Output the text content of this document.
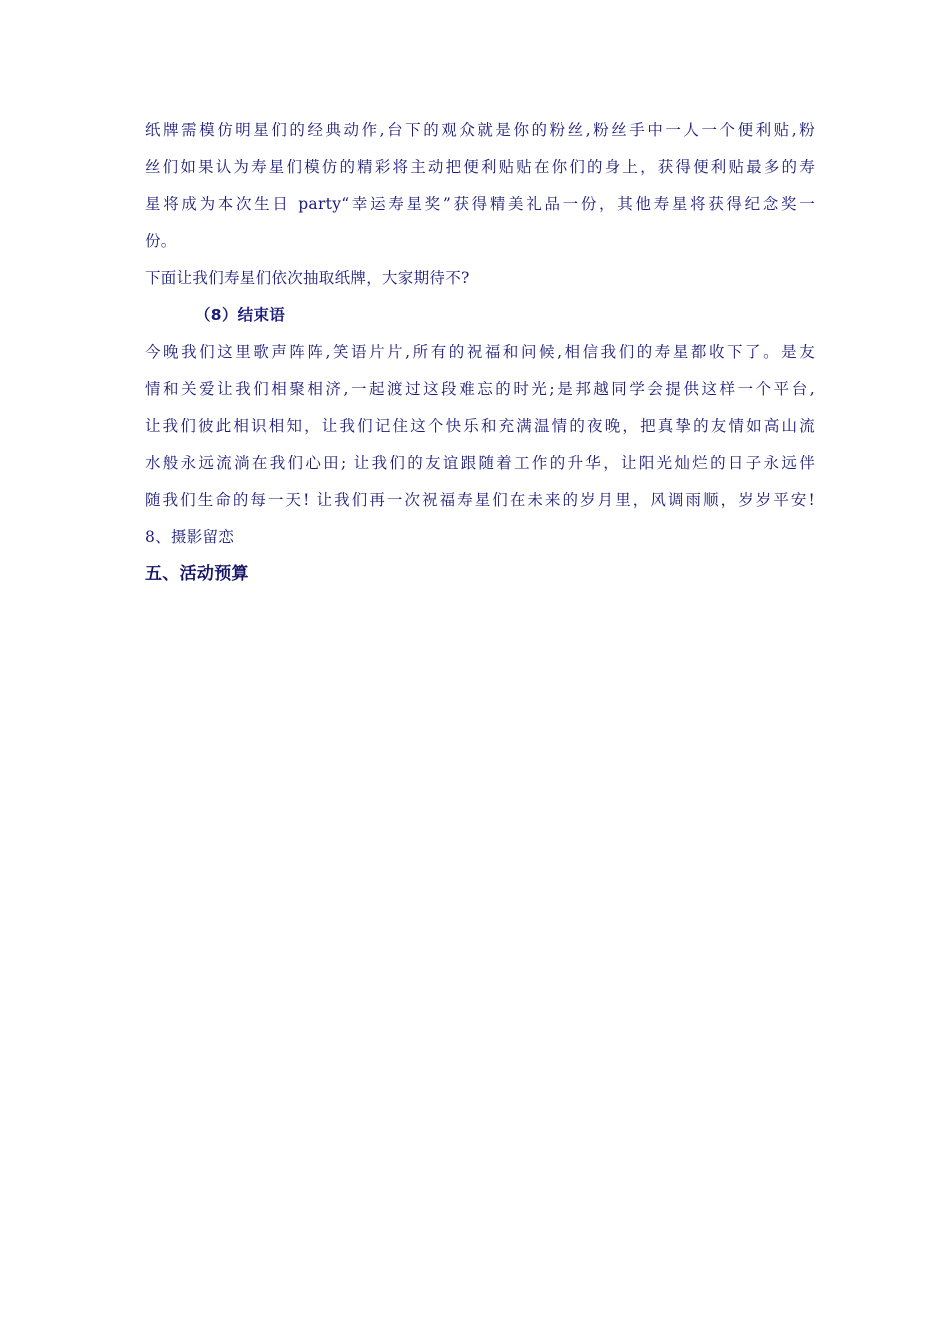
纸牌需模仿明星们的经典动作,台下的观众就是你的粉丝,粉丝手中一人一个便利贴,粉
丝们如果认为寿星们模仿的精彩将主动把便利贴贴在你们的身上，获得便利贴最多的寿
星将成为本次生日 party“幸运寿星奖”获得精美礼品一份，其他寿星将获得纪念奖一
份。
下面让我们寿星们依次抽取纸牌，大家期待不?
（8）结束语
今晚我们这里歌声阵阵,笑语片片,所有的祝福和问候,相信我们的寿星都收下了。是友
情和关爱让我们相聚相济,一起渡过这段难忘的时光;是邦越同学会提供这样一个平台,
让我们彼此相识相知，让我们记住这个快乐和充满温情的夜晚，把真挚的友情如高山流
水般永远流淌在我们心田; 让我们的友谊跟随着工作的升华，让阳光灿烂的日子永远伴
随我们生命的每一天! 让我们再一次祝福寿星们在未来的岁月里，风调雨顺，岁岁平安!
8、摄影留恋
五、活动预算
